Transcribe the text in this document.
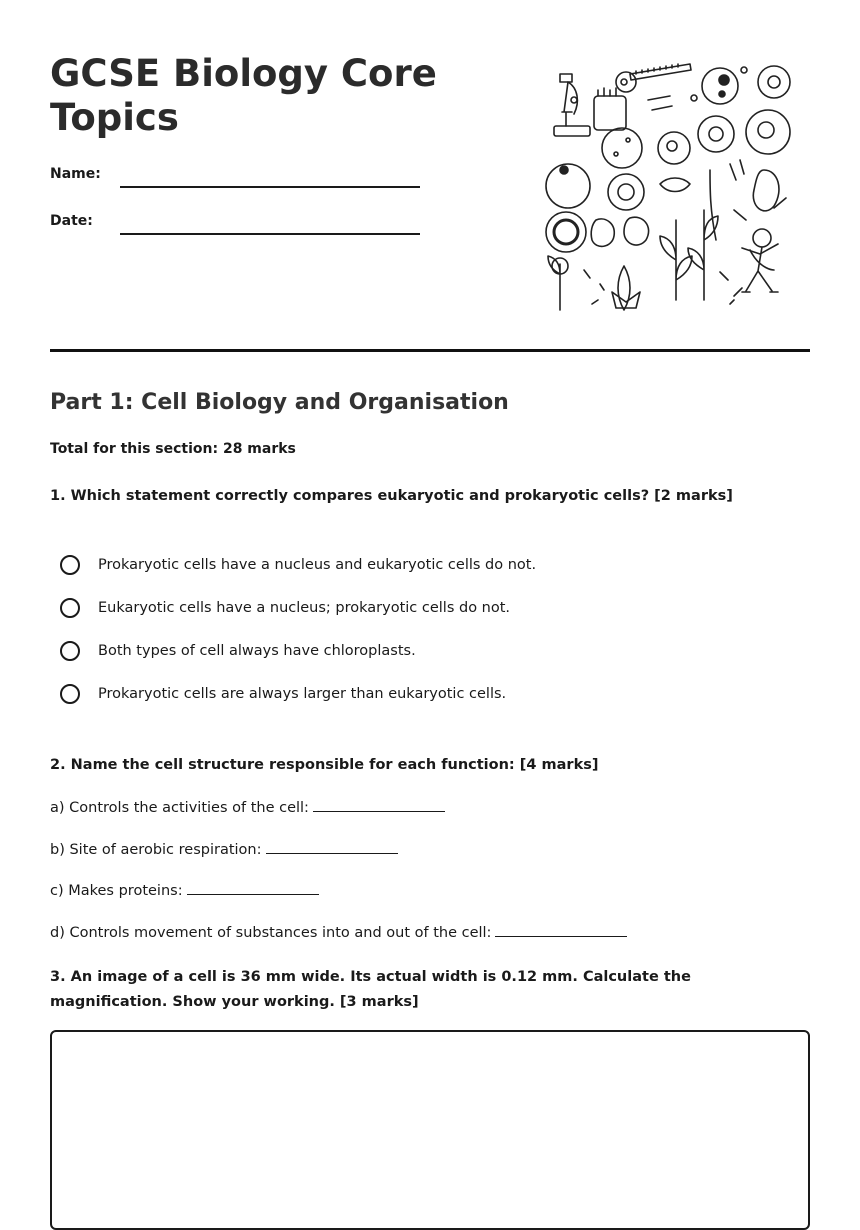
GCSE Biology Core Topics
Name:
Date:
Part 1: Cell Biology and Organisation
Total for this section: 28 marks

1. Which statement correctly compares eukaryotic and prokaryotic cells? [2 marks]

Prokaryotic cells have a nucleus and eukaryotic cells do not.
Eukaryotic cells have a nucleus; prokaryotic cells do not.
Both types of cell always have chloroplasts.
Prokaryotic cells are always larger than eukaryotic cells.

2. Name the cell structure responsible for each function: [4 marks]

a) Controls the activities of the cell:
b) Site of aerobic respiration:
c) Makes proteins:
d) Controls movement of substances into and out of the cell:

3. An image of a cell is 36 mm wide. Its actual width is 0.12 mm. Calculate the magnification. Show your working. [3 marks]
